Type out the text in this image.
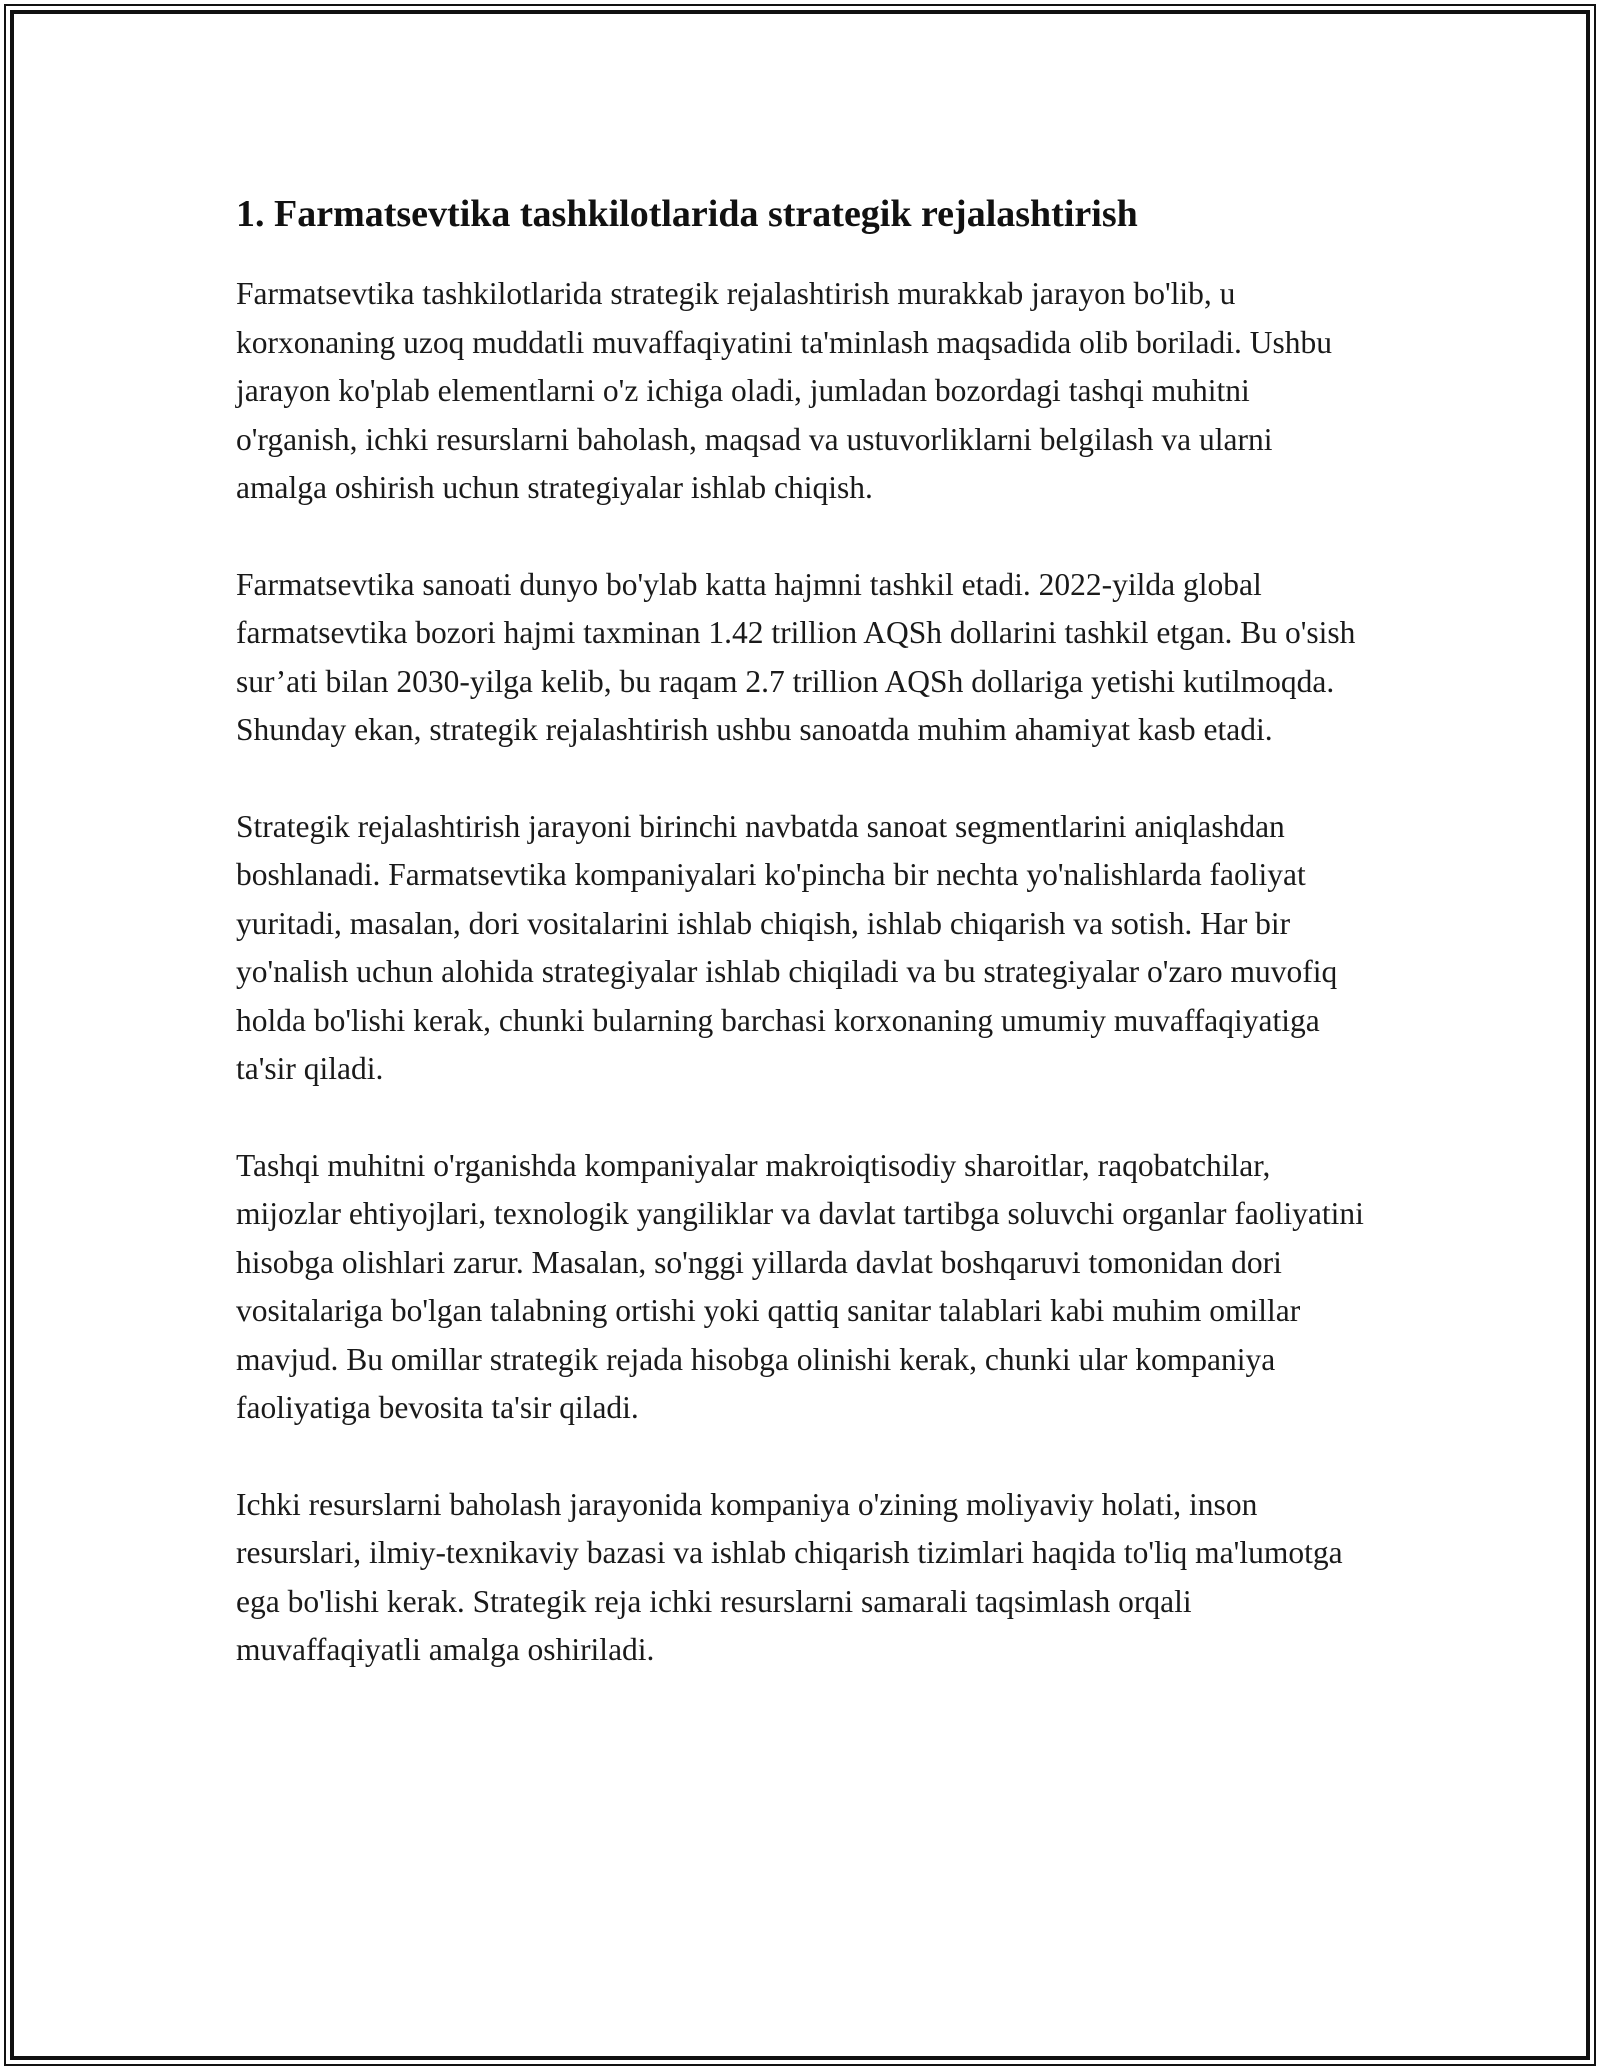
1. Farmatsevtika tashkilotlarida strategik rejalashtirish

Farmatsevtika tashkilotlarida strategik rejalashtirish murakkab jarayon bo'lib, u korxonaning uzoq muddatli muvaffaqiyatini ta'minlash maqsadida olib boriladi. Ushbu jarayon ko'plab elementlarni o'z ichiga oladi, jumladan bozordagi tashqi muhitni o'rganish, ichki resurslarni baholash, maqsad va ustuvorliklarni belgilash va ularni amalga oshirish uchun strategiyalar ishlab chiqish.

Farmatsevtika sanoati dunyo bo'ylab katta hajmni tashkil etadi. 2022-yilda global farmatsevtika bozori hajmi taxminan 1.42 trillion AQSh dollarini tashkil etgan. Bu o'sish sur’ati bilan 2030-yilga kelib, bu raqam 2.7 trillion AQSh dollariga yetishi kutilmoqda. Shunday ekan, strategik rejalashtirish ushbu sanoatda muhim ahamiyat kasb etadi.

Strategik rejalashtirish jarayoni birinchi navbatda sanoat segmentlarini aniqlashdan boshlanadi. Farmatsevtika kompaniyalari ko'pincha bir nechta yo'nalishlarda faoliyat yuritadi, masalan, dori vositalarini ishlab chiqish, ishlab chiqarish va sotish. Har bir yo'nalish uchun alohida strategiyalar ishlab chiqiladi va bu strategiyalar o'zaro muvofiq holda bo'lishi kerak, chunki bularning barchasi korxonaning umumiy muvaffaqiyatiga ta'sir qiladi.

Tashqi muhitni o'rganishda kompaniyalar makroiqtisodiy sharoitlar, raqobatchilar, mijozlar ehtiyojlari, texnologik yangiliklar va davlat tartibga soluvchi organlar faoliyatini hisobga olishlari zarur. Masalan, so'nggi yillarda davlat boshqaruvi tomonidan dori vositalariga bo'lgan talabning ortishi yoki qattiq sanitar talablari kabi muhim omillar mavjud. Bu omillar strategik rejada hisobga olinishi kerak, chunki ular kompaniya faoliyatiga bevosita ta'sir qiladi.

Ichki resurslarni baholash jarayonida kompaniya o'zining moliyaviy holati, inson resurslari, ilmiy-texnikaviy bazasi va ishlab chiqarish tizimlari haqida to'liq ma'lumotga ega bo'lishi kerak. Strategik reja ichki resurslarni samarali taqsimlash orqali muvaffaqiyatli amalga oshiriladi.
